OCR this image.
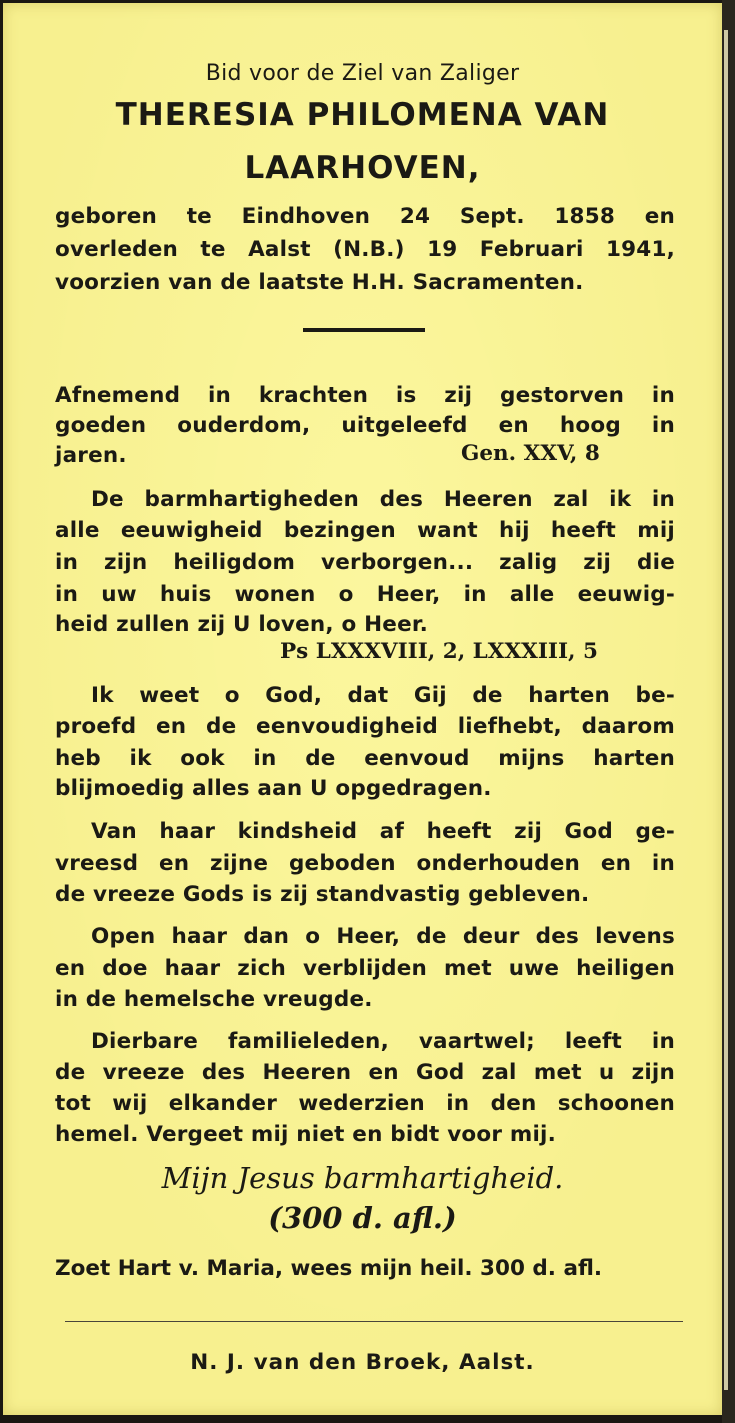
Bid voor de Ziel van Zaliger

THERESIA PHILOMENA VAN

LAARHOVEN,

geboren te Eindhoven 24 Sept. 1858 en

overleden te Aalst (N.B.) 19 Februari 1941,

voorzien van de laatste H.H. Sacramenten.

Afnemend in krachten is zij gestorven in

goeden ouderdom, uitgeleefd en hoog in

jaren.	Gen. XXV, 8

De barmhartigheden des Heeren zal ik in

alle eeuwigheid bezingen want hij heeft mij

in zijn heiligdom verborgen... zalig zij die

in uw huis wonen o Heer, in alle eeuwig-

heid zullen zij U loven, o Heer.

Ps LXXXVIII, 2, LXXXIII, 5

Ik weet o God, dat Gij de harten be-

proefd en de eenvoudigheid liefhebt, daarom

heb ik ook in de eenvoud mijns harten

blijmoedig alles aan U opgedragen.

Van haar kindsheid af heeft zij God ge-

vreesd en zijne geboden onderhouden en in

de vreeze Gods is zij standvastig gebleven.

Open haar dan o Heer, de deur des levens

en doe haar zich verblijden met uwe heiligen

in de hemelsche vreugde.

Dierbare familieleden, vaartwel; leeft in

de vreeze des Heeren en God zal met u zijn

tot wij elkander wederzien in den schoonen

hemel. Vergeet mij niet en bidt voor mij.

Mijn Jesus barmhartigheid.

(300 d. afl.)

Zoet Hart v. Maria, wees mijn heil. 300 d. afl.

N. J. van den Broek, Aalst.
